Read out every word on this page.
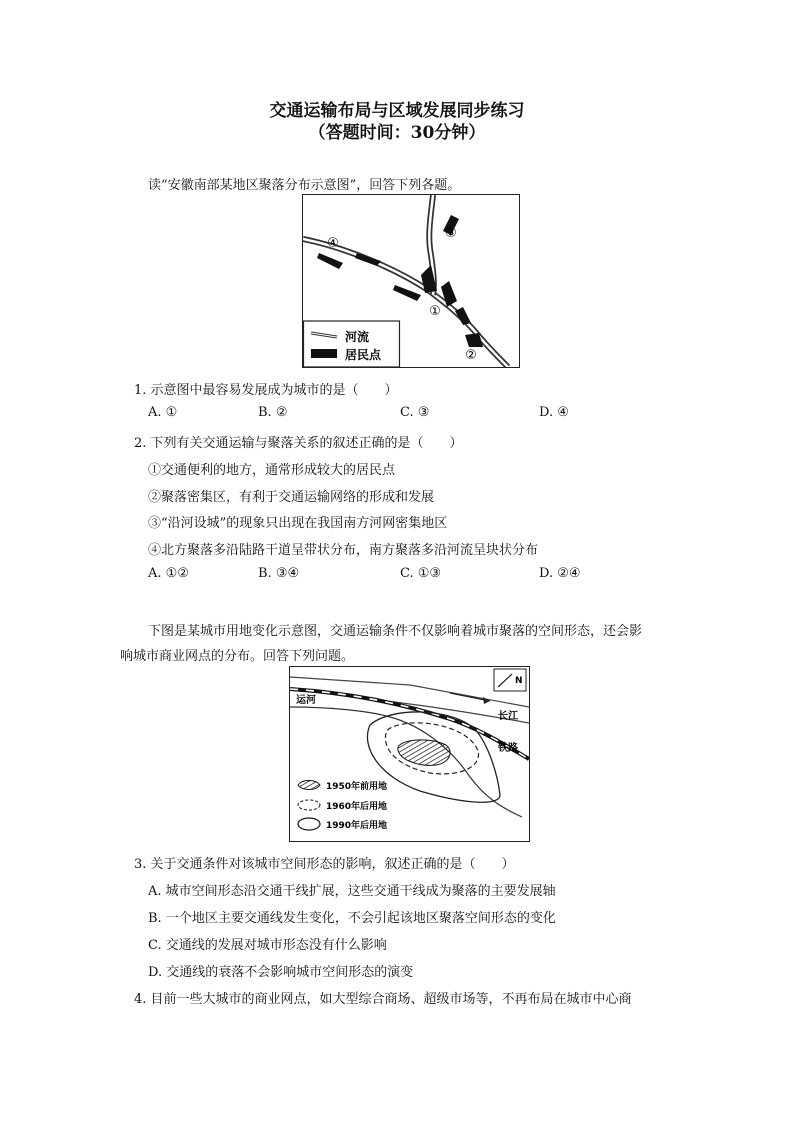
交通运输布局与区域发展同步练习
（答题时间：30分钟）
读“安徽南部某地区聚落分布示意图”，回答下列各题。
④
③
①
②
河流
居民点
1. 示意图中最容易发展成为城市的是（　　）
A. ①	B. ②	C. ③	D. ④
2. 下列有关交通运输与聚落关系的叙述正确的是（　　）
①交通便利的地方，通常形成较大的居民点
②聚落密集区，有利于交通运输网络的形成和发展
③“沿河设城”的现象只出现在我国南方河网密集地区
④北方聚落多沿陆路干道呈带状分布，南方聚落多沿河流呈块状分布
A. ①②	B. ③④	C. ①③	D. ②④
下图是某城市用地变化示意图，交通运输条件不仅影响着城市聚落的空间形态，还会影
响城市商业网点的分布。回答下列问题。
N
长江
铁路
运河
1950年前用地
1960年后用地
1990年后用地
3. 关于交通条件对该城市空间形态的影响，叙述正确的是（　　）
A. 城市空间形态沿交通干线扩展，这些交通干线成为聚落的主要发展轴
B. 一个地区主要交通线发生变化，不会引起该地区聚落空间形态的变化
C. 交通线的发展对城市形态没有什么影响
D. 交通线的衰落不会影响城市空间形态的演变
4. 目前一些大城市的商业网点，如大型综合商场、超级市场等，不再布局在城市中心商
